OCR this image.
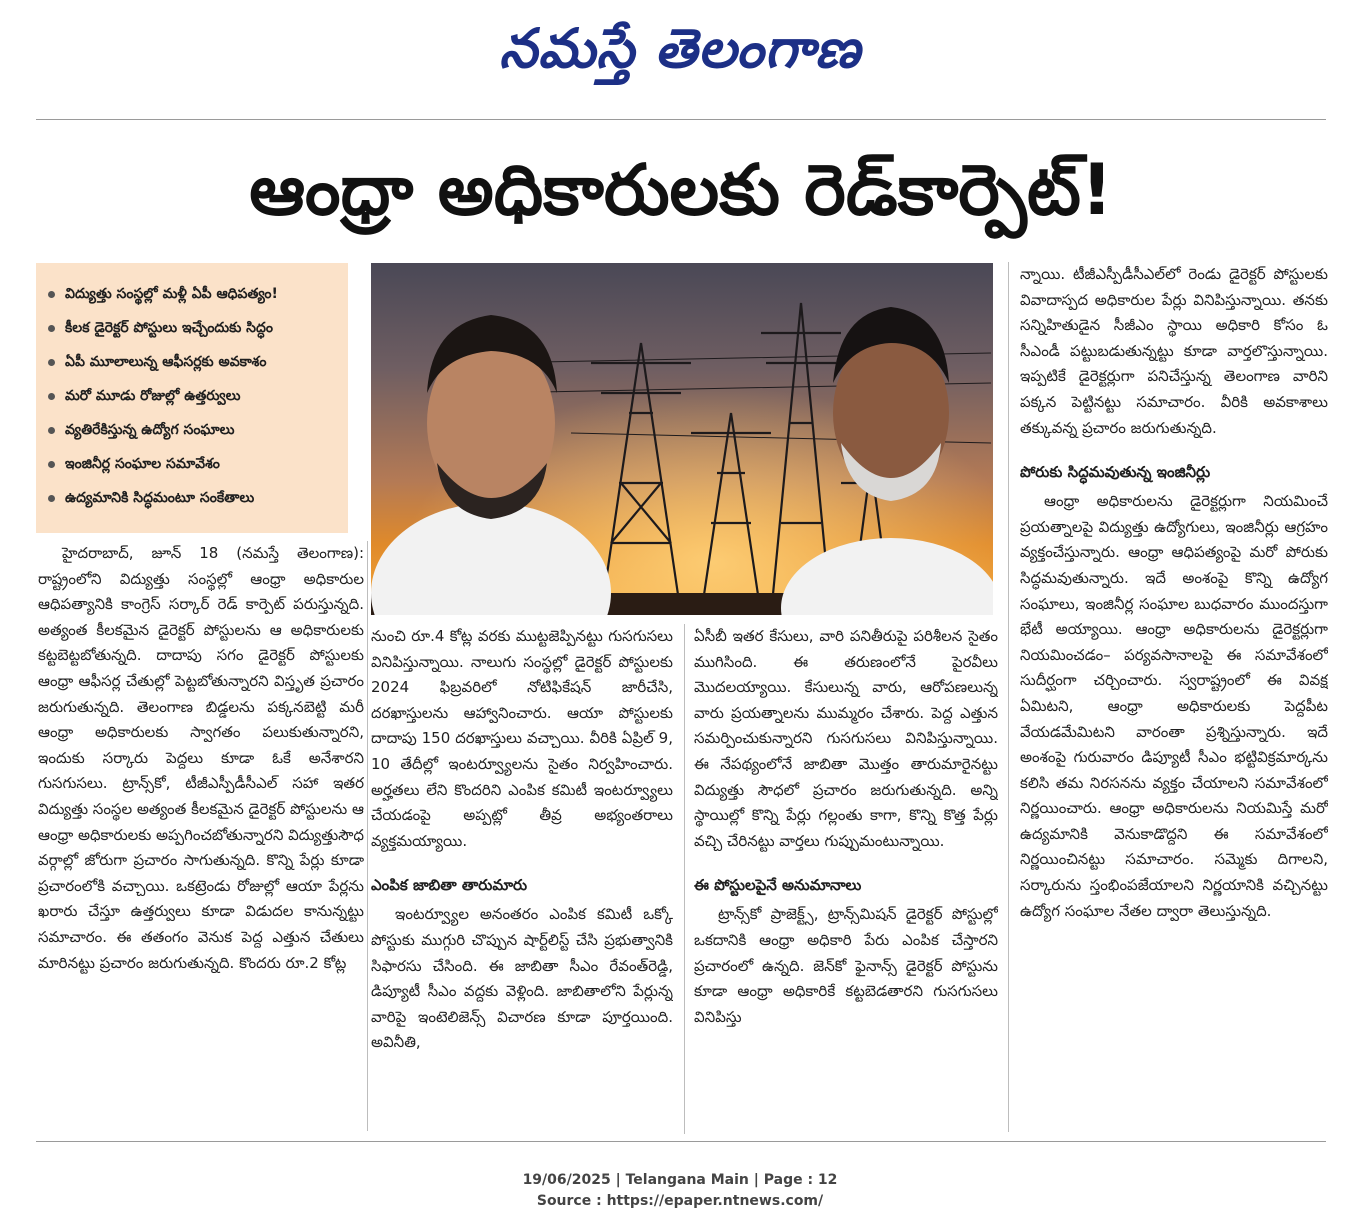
నమస్తే తెలంగాణ
ఆంధ్రా అధికారులకు రెడ్‌కార్పెట్!
విద్యుత్తు సంస్థల్లో మళ్లీ ఏపీ ఆధిపత్యం!
కీలక డైరెక్టర్ పోస్టులు ఇచ్చేందుకు సిద్ధం
ఏపీ మూలాలున్న ఆఫీసర్లకు అవకాశం
మరో మూడు రోజుల్లో ఉత్తర్వులు
వ్యతిరేకిస్తున్న ఉద్యోగ సంఘాలు
ఇంజినీర్ల సంఘాల సమావేశం
ఉద్యమానికి సిద్ధమంటూ సంకేతాలు

హైదరాబాద్, జూన్ 18 (నమస్తే తెలంగాణ): రాష్ట్రంలోని విద్యుత్తు సంస్థల్లో ఆంధ్రా అధికారుల ఆధిపత్యానికి కాంగ్రెస్ సర్కార్ రెడ్ కార్పెట్ పరుస్తున్నది. అత్యంత కీలకమైన డైరెక్టర్ పోస్టులను ఆ అధికారులకు కట్టబెట్టబోతున్నది. దాదాపు సగం డైరెక్టర్ పోస్టులకు ఆంధ్రా ఆఫీసర్ల చేతుల్లో పెట్టబోతున్నారని విస్తృత ప్రచారం జరుగుతున్నది. తెలంగాణ బిడ్డలను పక్కనబెట్టి మరీ ఆంధ్రా అధికారులకు స్వాగతం పలుకుతున్నారని, ఇందుకు సర్కారు పెద్దలు కూడా ఓకే అనేశారని గుసగుసలు. ట్రాన్స్‌కో, టీజీఎస్పీడీసీఎల్ సహా ఇతర విద్యుత్తు సంస్థల అత్యంత కీలకమైన డైరెక్టర్ పోస్టులను ఆ ఆంధ్రా అధికారులకు అప్పగించబోతున్నారని విద్యుత్తుసౌధ వర్గాల్లో జోరుగా ప్రచారం సాగుతున్నది. కొన్ని పేర్లు కూడా ప్రచారంలోకి వచ్చాయి. ఒకట్రెండు రోజుల్లో ఆయా పేర్లను ఖరారు చేస్తూ ఉత్తర్వులు కూడా విడుదల కానున్నట్టు సమాచారం. ఈ తతంగం వెనుక పెద్ద ఎత్తున చేతులు మారినట్టు ప్రచారం జరుగుతున్నది. కొందరు రూ.2 కోట్ల

నుంచి రూ.4 కోట్ల వరకు ముట్టజెప్పినట్టు గుసగుసలు వినిపిస్తున్నాయి. నాలుగు సంస్థల్లో డైరెక్టర్ పోస్టులకు 2024 ఫిబ్రవరిలో నోటిఫికేషన్ జారీచేసి, దరఖాస్తులను ఆహ్వానించారు. ఆయా పోస్టులకు దాదాపు 150 దరఖాస్తులు వచ్చాయి. వీరికి ఏప్రిల్ 9, 10 తేదీల్లో ఇంటర్వ్యూలను సైతం నిర్వహించారు. అర్హతలు లేని కొందరిని ఎంపిక కమిటీ ఇంటర్వ్యూలు చేయడంపై అప్పట్లో తీవ్ర అభ్యంతరాలు వ్యక్తమయ్యాయి.

ఎంపిక జాబితా తారుమారు

ఇంటర్వ్యూల అనంతరం ఎంపిక కమిటీ ఒక్కో పోస్టుకు ముగ్గురి చొప్పున షార్ట్‌లిస్ట్ చేసి ప్రభుత్వానికి సిఫారసు చేసింది. ఈ జాబితా సీఎం రేవంత్‌రెడ్డి, డిప్యూటీ సీఎం వద్దకు వెళ్లింది. జాబితాలోని పేర్లున్న వారిపై ఇంటెలిజెన్స్ విచారణ కూడా పూర్తయింది. అవినీతి,

ఏసీబీ ఇతర కేసులు, వారి పనితీరుపై పరిశీలన సైతం ముగిసింది. ఈ తరుణంలోనే పైరవీలు మొదలయ్యాయి. కేసులున్న వారు, ఆరోపణలున్న వారు ప్రయత్నాలను ముమ్మరం చేశారు. పెద్ద ఎత్తున సమర్పించుకున్నారని గుసగుసలు వినిపిస్తున్నాయి. ఈ నేపథ్యంలోనే జాబితా మొత్తం తారుమారైనట్టు విద్యుత్తు సౌధలో ప్రచారం జరుగుతున్నది. అన్ని స్థాయిల్లో కొన్ని పేర్లు గల్లంతు కాగా, కొన్ని కొత్త పేర్లు వచ్చి చేరినట్టు వార్తలు గుప్పుమంటున్నాయి.

ఈ పోస్టులపైనే అనుమానాలు

ట్రాన్స్‌కో ప్రాజెక్ట్స్, ట్రాన్స్‌మిషన్ డైరెక్టర్ పోస్టుల్లో ఒకదానికి ఆంధ్రా అధికారి పేరు ఎంపిక చేస్తారని ప్రచారంలో ఉన్నది. జెన్‌కో ఫైనాన్స్ డైరెక్టర్ పోస్టును కూడా ఆంధ్రా అధికారికే కట్టబెడతారని గుసగుసలు వినిపిస్తు

న్నాయి. టీజీఎస్పీడీసీఎల్‌లో రెండు డైరెక్టర్ పోస్టులకు వివాదాస్పద అధికారుల పేర్లు వినిపిస్తున్నాయి. తనకు సన్నిహితుడైన సీజీఎం స్థాయి అధికారి కోసం ఓ సీఎండీ పట్టుబడుతున్నట్టు కూడా వార్తలొస్తున్నాయి. ఇప్పటికే డైరెక్టర్లుగా పనిచేస్తున్న తెలంగాణ వారిని పక్కన పెట్టినట్టు సమాచారం. వీరికి అవకాశాలు తక్కువన్న ప్రచారం జరుగుతున్నది.

పోరుకు సిద్ధమవుతున్న ఇంజినీర్లు

ఆంధ్రా అధికారులను డైరెక్టర్లుగా నియమించే ప్రయత్నాలపై విద్యుత్తు ఉద్యోగులు, ఇంజినీర్లు ఆగ్రహం వ్యక్తంచేస్తున్నారు. ఆంధ్రా ఆధిపత్యంపై మరో పోరుకు సిద్ధమవుతున్నారు. ఇదే అంశంపై కొన్ని ఉద్యోగ సంఘాలు, ఇంజినీర్ల సంఘాల బుధవారం ముందస్తుగా భేటీ అయ్యాయి. ఆంధ్రా అధికారులను డైరెక్టర్లుగా నియమించడం– పర్యవసానాలపై ఈ సమావేశంలో సుదీర్ఘంగా చర్చించారు. స్వరాష్ట్రంలో ఈ వివక్ష ఏమిటని, ఆంధ్రా అధికారులకు పెద్దపీట వేయడమేమిటని వారంతా ప్రశ్నిస్తున్నారు. ఇదే అంశంపై గురువారం డిప్యూటీ సీఎం భట్టివిక్రమార్కను కలిసి తమ నిరసనను వ్యక్తం చేయాలని సమావేశంలో నిర్ణయించారు. ఆంధ్రా అధికారులను నియమిస్తే మరో ఉద్యమానికి వెనుకాడొద్దని ఈ సమావేశంలో నిర్ణయించినట్టు సమాచారం. సమ్మెకు దిగాలని, సర్కారును స్తంభింపజేయాలని నిర్ణయానికి వచ్చినట్టు ఉద్యోగ సంఘాల నేతల ద్వారా తెలుస్తున్నది.

19/06/2025 | Telangana Main | Page : 12
Source : https://epaper.ntnews.com/
